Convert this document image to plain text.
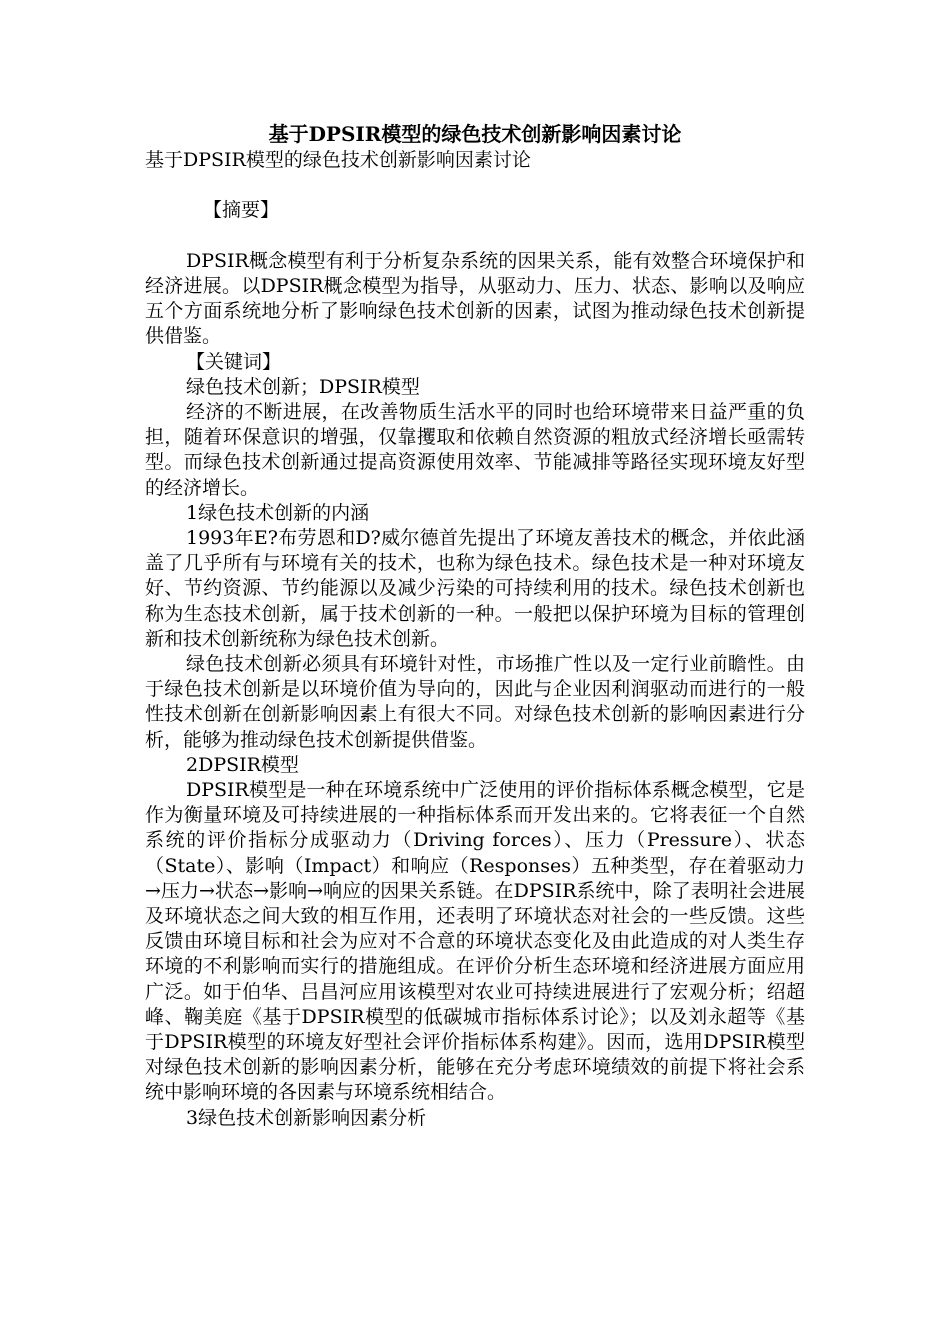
基于DPSIR模型的绿色技术创新影响因素讨论

基于DPSIR模型的绿色技术创新影响因素讨论

【摘要】

DPSIR概念模型有利于分析复杂系统的因果关系，能有效整合环境保护和经济进展。以DPSIR概念模型为指导，从驱动力、压力、状态、影响以及响应五个方面系统地分析了影响绿色技术创新的因素，试图为推动绿色技术创新提供借鉴。

【关键词】

绿色技术创新；DPSIR模型

经济的不断进展，在改善物质生活水平的同时也给环境带来日益严重的负担，随着环保意识的增强，仅靠攫取和依赖自然资源的粗放式经济增长亟需转型。而绿色技术创新通过提高资源使用效率、节能减排等路径实现环境友好型的经济增长。

1绿色技术创新的内涵

1993年E?布劳恩和D?威尔德首先提出了环境友善技术的概念，并依此涵盖了几乎所有与环境有关的技术，也称为绿色技术。绿色技术是一种对环境友好、节约资源、节约能源以及减少污染的可持续利用的技术。绿色技术创新也称为生态技术创新，属于技术创新的一种。一般把以保护环境为目标的管理创新和技术创新统称为绿色技术创新。

绿色技术创新必须具有环境针对性，市场推广性以及一定行业前瞻性。由于绿色技术创新是以环境价值为导向的，因此与企业因利润驱动而进行的一般性技术创新在创新影响因素上有很大不同。对绿色技术创新的影响因素进行分析，能够为推动绿色技术创新提供借鉴。

2DPSIR模型

DPSIR模型是一种在环境系统中广泛使用的评价指标体系概念模型，它是作为衡量环境及可持续进展的一种指标体系而开发出来的。它将表征一个自然系统的评价指标分成驱动力（Driving forces）、压力（Pressure）、状态（State）、影响（Impact）和响应（Responses）五种类型，存在着驱动力→压力→状态→影响→响应的因果关系链。在DPSIR系统中，除了表明社会进展及环境状态之间大致的相互作用，还表明了环境状态对社会的一些反馈。这些反馈由环境目标和社会为应对不合意的环境状态变化及由此造成的对人类生存环境的不利影响而实行的措施组成。在评价分析生态环境和经济进展方面应用广泛。如于伯华、吕昌河应用该模型对农业可持续进展进行了宏观分析；绍超峰、鞠美庭《基于DPSIR模型的低碳城市指标体系讨论》；以及刘永超等《基于DPSIR模型的环境友好型社会评价指标体系构建》。因而，选用DPSIR模型对绿色技术创新的影响因素分析，能够在充分考虑环境绩效的前提下将社会系统中影响环境的各因素与环境系统相结合。

3绿色技术创新影响因素分析
